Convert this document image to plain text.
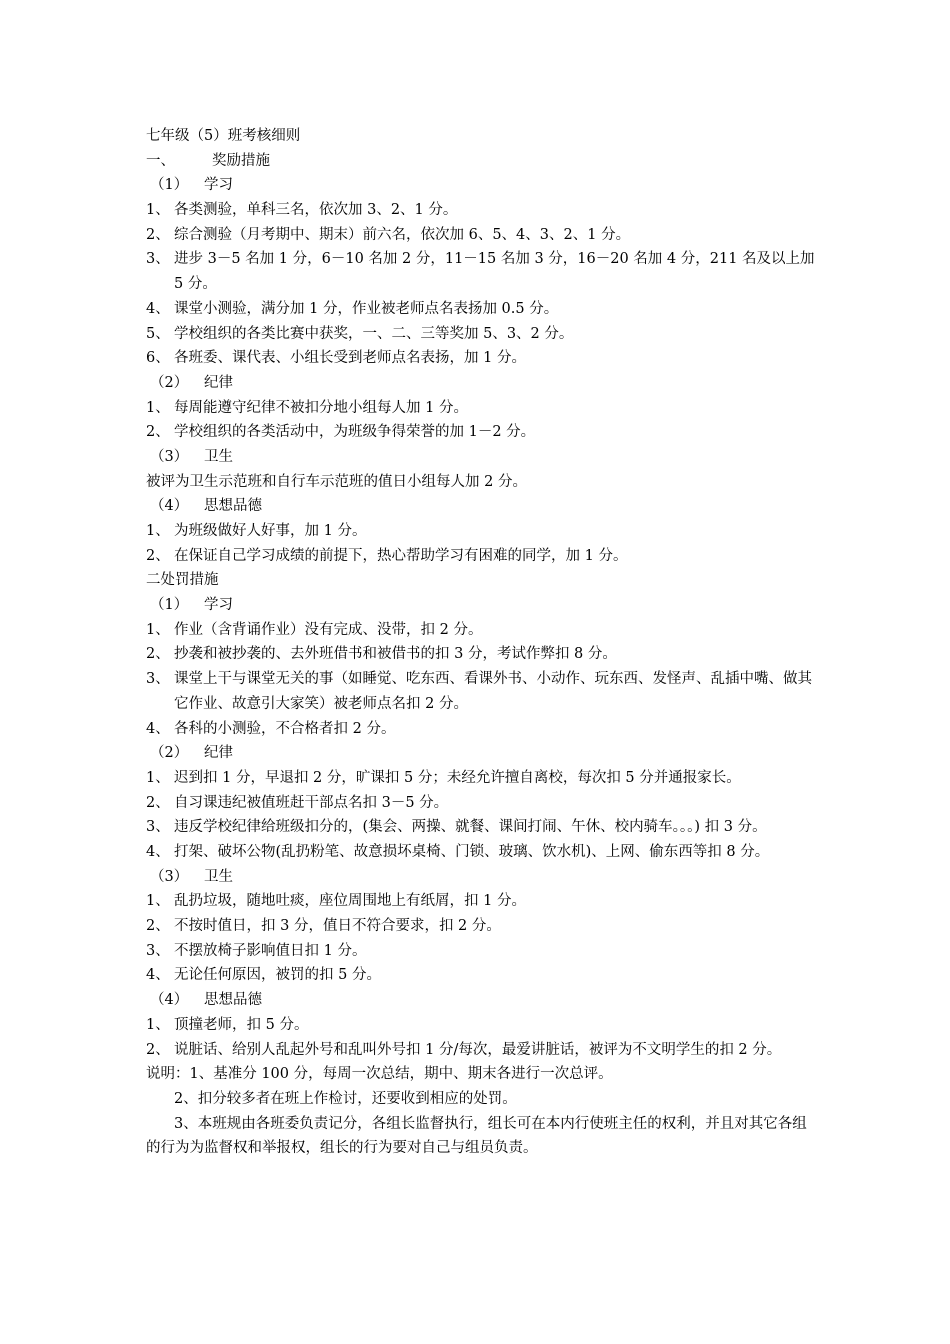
七年级（5）班考核细则
一、	奖励措施
（1） 学习
1、 各类测验，单科三名，依次加 3、2、1 分。
2、 综合测验（月考期中、期末）前六名，依次加 6、5、4、3、2、1 分。
3、 进步 3－5 名加 1 分，6－10 名加 2 分，11－15 名加 3 分，16－20 名加 4 分，211 名及以上加 5 分。
4、 课堂小测验，满分加 1 分，作业被老师点名表扬加 0.5 分。
5、 学校组织的各类比赛中获奖，一、二、三等奖加 5、3、2 分。
6、 各班委、课代表、小组长受到老师点名表扬，加 1 分。
（2） 纪律
1、 每周能遵守纪律不被扣分地小组每人加 1 分。
2、 学校组织的各类活动中，为班级争得荣誉的加 1－2 分。
（3） 卫生
被评为卫生示范班和自行车示范班的值日小组每人加 2 分。
（4） 思想品德
1、 为班级做好人好事，加 1 分。
2、 在保证自己学习成绩的前提下，热心帮助学习有困难的同学，加 1 分。
二处罚措施
（1） 学习
1、 作业（含背诵作业）没有完成、没带，扣 2 分。
2、 抄袭和被抄袭的、去外班借书和被借书的扣 3 分，考试作弊扣 8 分。
3、 课堂上干与课堂无关的事（如睡觉、吃东西、看课外书、小动作、玩东西、发怪声、乱插中嘴、做其它作业、故意引大家笑）被老师点名扣 2 分。
4、 各科的小测验，不合格者扣 2 分。
（2） 纪律
1、 迟到扣 1 分，早退扣 2 分，旷课扣 5 分；未经允许擅自离校，每次扣 5 分并通报家长。
2、 自习课违纪被值班赶干部点名扣 3－5 分。
3、 违反学校纪律给班级扣分的，(集会、两操、就餐、课间打闹、午休、校内骑车。。。) 扣 3 分。
4、 打架、破坏公物(乱扔粉笔、故意损坏桌椅、门锁、玻璃、饮水机)、上网、偷东西等扣 8 分。
（3） 卫生
1、 乱扔垃圾，随地吐痰，座位周围地上有纸屑，扣 1 分。
2、 不按时值日，扣 3 分，值日不符合要求，扣 2 分。
3、 不摆放椅子影响值日扣 1 分。
4、 无论任何原因，被罚的扣 5 分。
（4） 思想品德
1、 顶撞老师，扣 5 分。
2、 说脏话、给别人乱起外号和乱叫外号扣 1 分/每次，最爱讲脏话，被评为不文明学生的扣 2 分。
说明：1、基准分 100 分，每周一次总结，期中、期末各进行一次总评。
2、扣分较多者在班上作检讨，还要收到相应的处罚。
3、本班规由各班委负责记分，各组长监督执行，组长可在本内行使班主任的权利，并且对其它各组的行为为监督权和举报权，组长的行为要对自己与组员负责。
